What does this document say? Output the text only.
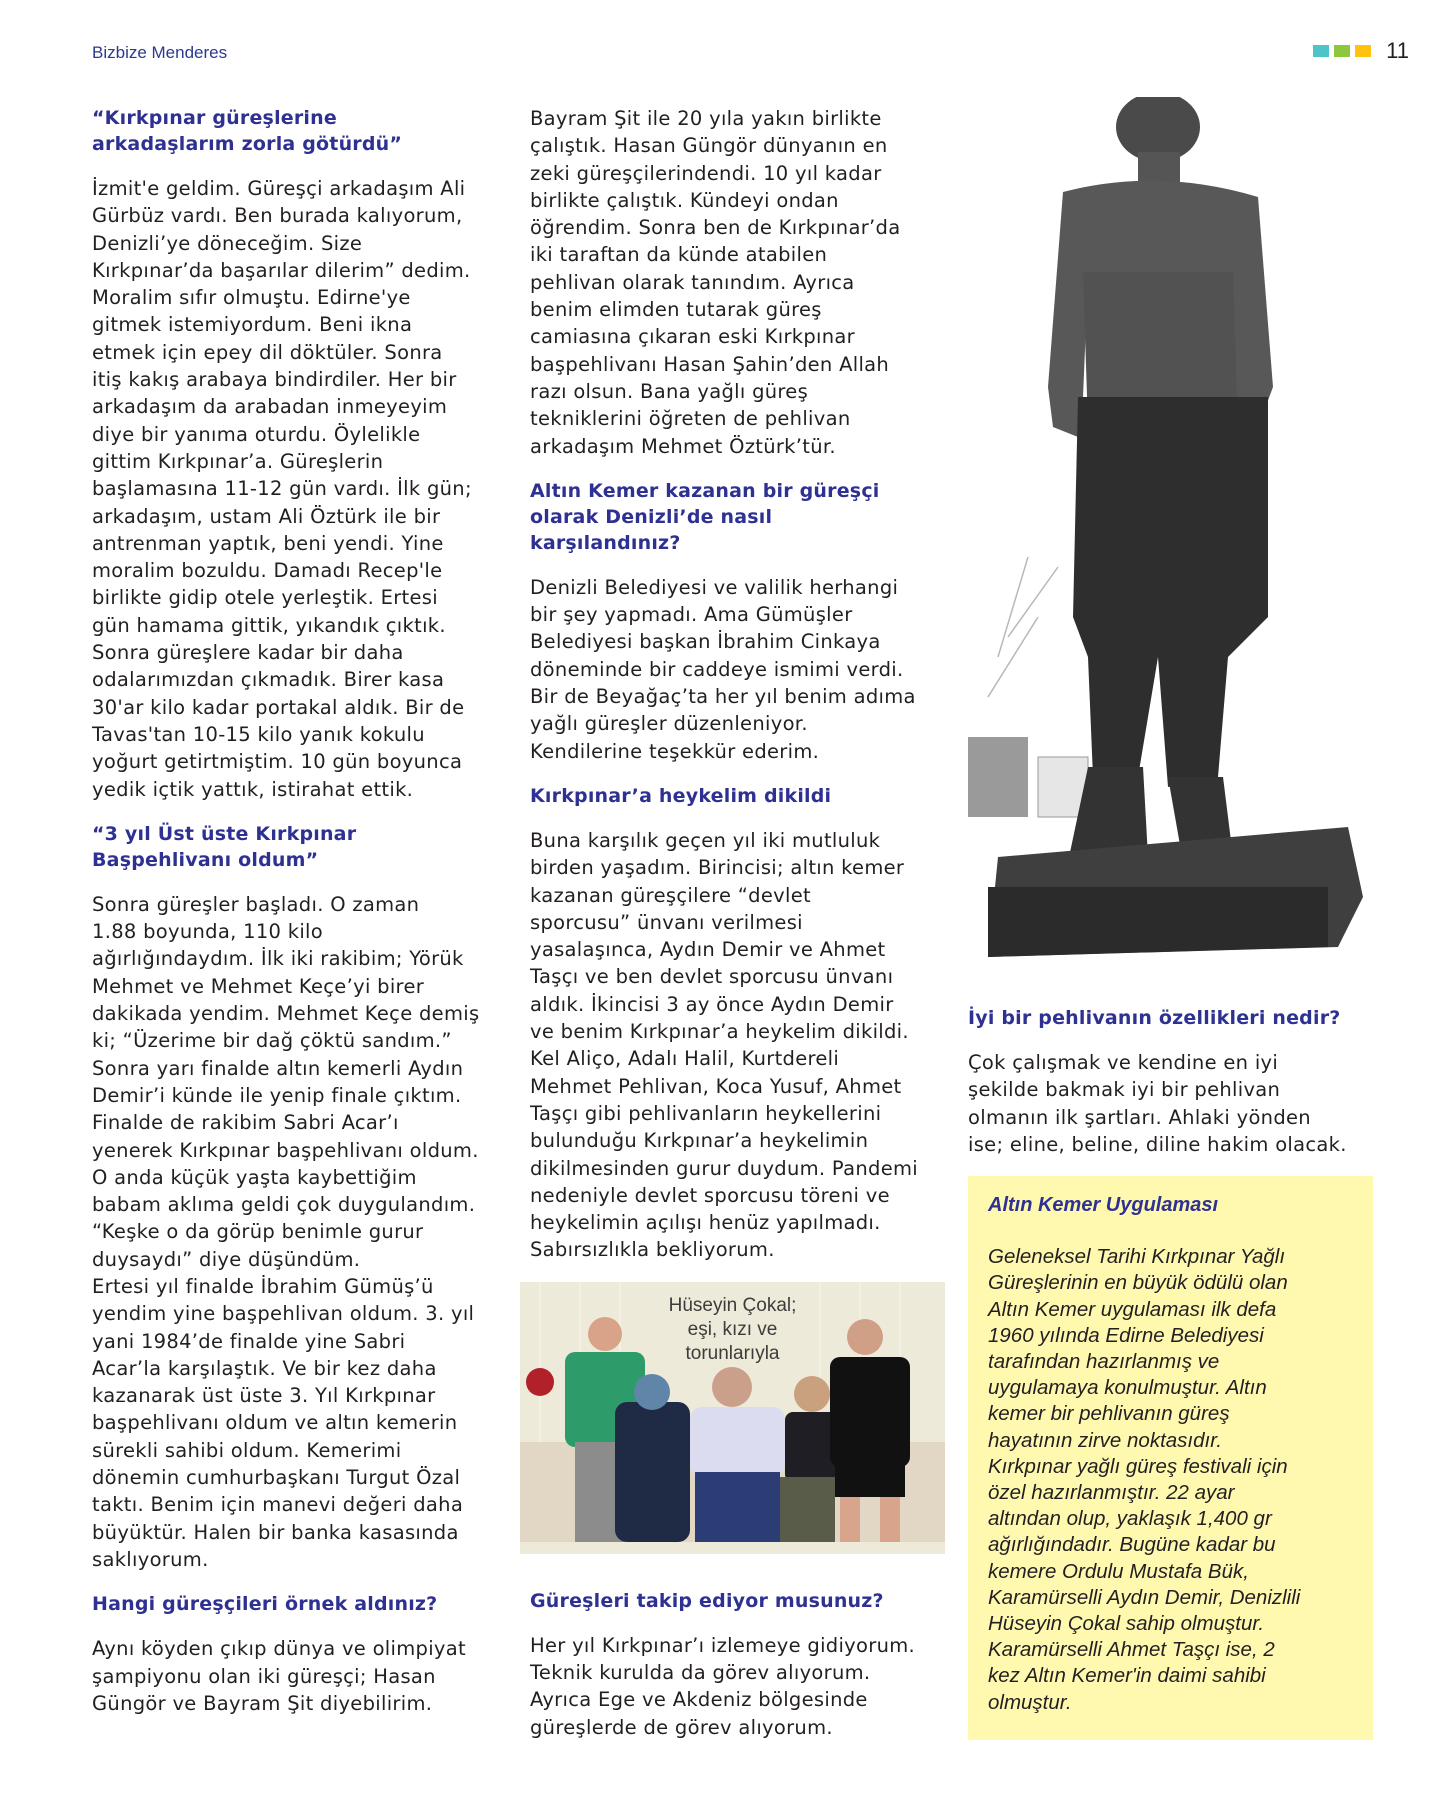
Bizbize Menderes	11
“Kırkpınar güreşlerine
arkadaşlarım zorla götürdü”
İzmit'e geldim. Güreşçi arkadaşım Ali
Gürbüz vardı. Ben burada kalıyorum,
Denizli’ye döneceğim. Size
Kırkpınar’da başarılar dilerim” dedim.
Moralim sıfır olmuştu. Edirne'ye
gitmek istemiyordum. Beni ikna
etmek için epey dil döktüler. Sonra
itiş kakış arabaya bindirdiler. Her bir
arkadaşım da arabadan inmeyeyim
diye bir yanıma oturdu. Öylelikle
gittim Kırkpınar’a. Güreşlerin
başlamasına 11-12 gün vardı. İlk gün;
arkadaşım, ustam Ali Öztürk ile bir
antrenman yaptık, beni yendi. Yine
moralim bozuldu. Damadı Recep'le
birlikte gidip otele yerleştik. Ertesi
gün hamama gittik, yıkandık çıktık.
Sonra güreşlere kadar bir daha
odalarımızdan çıkmadık. Birer kasa
30'ar kilo kadar portakal aldık. Bir de
Tavas'tan 10-15 kilo yanık kokulu
yoğurt getirtmiştim. 10 gün boyunca
yedik içtik yattık, istirahat ettik.
“3 yıl Üst üste Kırkpınar
Başpehlivanı oldum”
Sonra güreşler başladı. O zaman
1.88 boyunda, 110 kilo
ağırlığındaydım. İlk iki rakibim; Yörük
Mehmet ve Mehmet Keçe’yi birer
dakikada yendim. Mehmet Keçe demiş
ki; “Üzerime bir dağ çöktü sandım.”
Sonra yarı finalde altın kemerli Aydın
Demir’i künde ile yenip finale çıktım.
Finalde de rakibim Sabri Acar’ı
yenerek Kırkpınar başpehlivanı oldum.
O anda küçük yaşta kaybettiğim
babam aklıma geldi çok duygulandım.
“Keşke o da görüp benimle gurur
duysaydı” diye düşündüm.
Ertesi yıl finalde İbrahim Gümüş’ü
yendim yine başpehlivan oldum. 3. yıl
yani 1984’de finalde yine Sabri
Acar’la karşılaştık. Ve bir kez daha
kazanarak üst üste 3. Yıl Kırkpınar
başpehlivanı oldum ve altın kemerin
sürekli sahibi oldum. Kemerimi
dönemin cumhurbaşkanı Turgut Özal
taktı. Benim için manevi değeri daha
büyüktür. Halen bir banka kasasında
saklıyorum.
Hangi güreşçileri örnek aldınız?
Aynı köyden çıkıp dünya ve olimpiyat
şampiyonu olan iki güreşçi; Hasan
Güngör ve Bayram Şit diyebilirim.
Bayram Şit ile 20 yıla yakın birlikte
çalıştık. Hasan Güngör dünyanın en
zeki güreşçilerindendi. 10 yıl kadar
birlikte çalıştık. Kündeyi ondan
öğrendim. Sonra ben de Kırkpınar’da
iki taraftan da künde atabilen
pehlivan olarak tanındım. Ayrıca
benim elimden tutarak güreş
camiasına çıkaran eski Kırkpınar
başpehlivanı Hasan Şahin’den Allah
razı olsun. Bana yağlı güreş
tekniklerini öğreten de pehlivan
arkadaşım Mehmet Öztürk’tür.
Altın Kemer kazanan bir güreşçi
olarak Denizli’de nasıl
karşılandınız?
Denizli Belediyesi ve valilik herhangi
bir şey yapmadı. Ama Gümüşler
Belediyesi başkan İbrahim Cinkaya
döneminde bir caddeye ismimi verdi.
Bir de Beyağaç’ta her yıl benim adıma
yağlı güreşler düzenleniyor.
Kendilerine teşekkür ederim.
Kırkpınar’a heykelim dikildi
Buna karşılık geçen yıl iki mutluluk
birden yaşadım. Birincisi; altın kemer
kazanan güreşçilere “devlet
sporcusu” ünvanı verilmesi
yasalaşınca, Aydın Demir ve Ahmet
Taşçı ve ben devlet sporcusu ünvanı
aldık. İkincisi 3 ay önce Aydın Demir
ve benim Kırkpınar’a heykelim dikildi.
Kel Aliço, Adalı Halil, Kurtdereli
Mehmet Pehlivan, Koca Yusuf, Ahmet
Taşçı gibi pehlivanların heykellerini
bulunduğu Kırkpınar’a heykelimin
dikilmesinden gurur duydum. Pandemi
nedeniyle devlet sporcusu töreni ve
heykelimin açılışı henüz yapılmadı.
Sabırsızlıkla bekliyorum.
Hüseyin Çokal;
eşi, kızı ve
torunlarıyla
Güreşleri takip ediyor musunuz?
Her yıl Kırkpınar’ı izlemeye gidiyorum.
Teknik kurulda da görev alıyorum.
Ayrıca Ege ve Akdeniz bölgesinde
güreşlerde de görev alıyorum.
İyi bir pehlivanın özellikleri nedir?
Çok çalışmak ve kendine en iyi
şekilde bakmak iyi bir pehlivan
olmanın ilk şartları. Ahlaki yönden
ise; eline, beline, diline hakim olacak.
Altın Kemer Uygulaması
Geleneksel Tarihi Kırkpınar Yağlı
Güreşlerinin en büyük ödülü olan
Altın Kemer uygulaması ilk defa
1960 yılında Edirne Belediyesi
tarafından hazırlanmış ve
uygulamaya konulmuştur. Altın
kemer bir pehlivanın güreş
hayatının zirve noktasıdır.
Kırkpınar yağlı güreş festivali için
özel hazırlanmıştır. 22 ayar
altından olup, yaklaşık 1,400 gr
ağırlığındadır. Bugüne kadar bu
kemere Ordulu Mustafa Bük,
Karamürselli Aydın Demir, Denizlili
Hüseyin Çokal sahip olmuştur.
Karamürselli Ahmet Taşçı ise, 2
kez Altın Kemer'in daimi sahibi
olmuştur.
